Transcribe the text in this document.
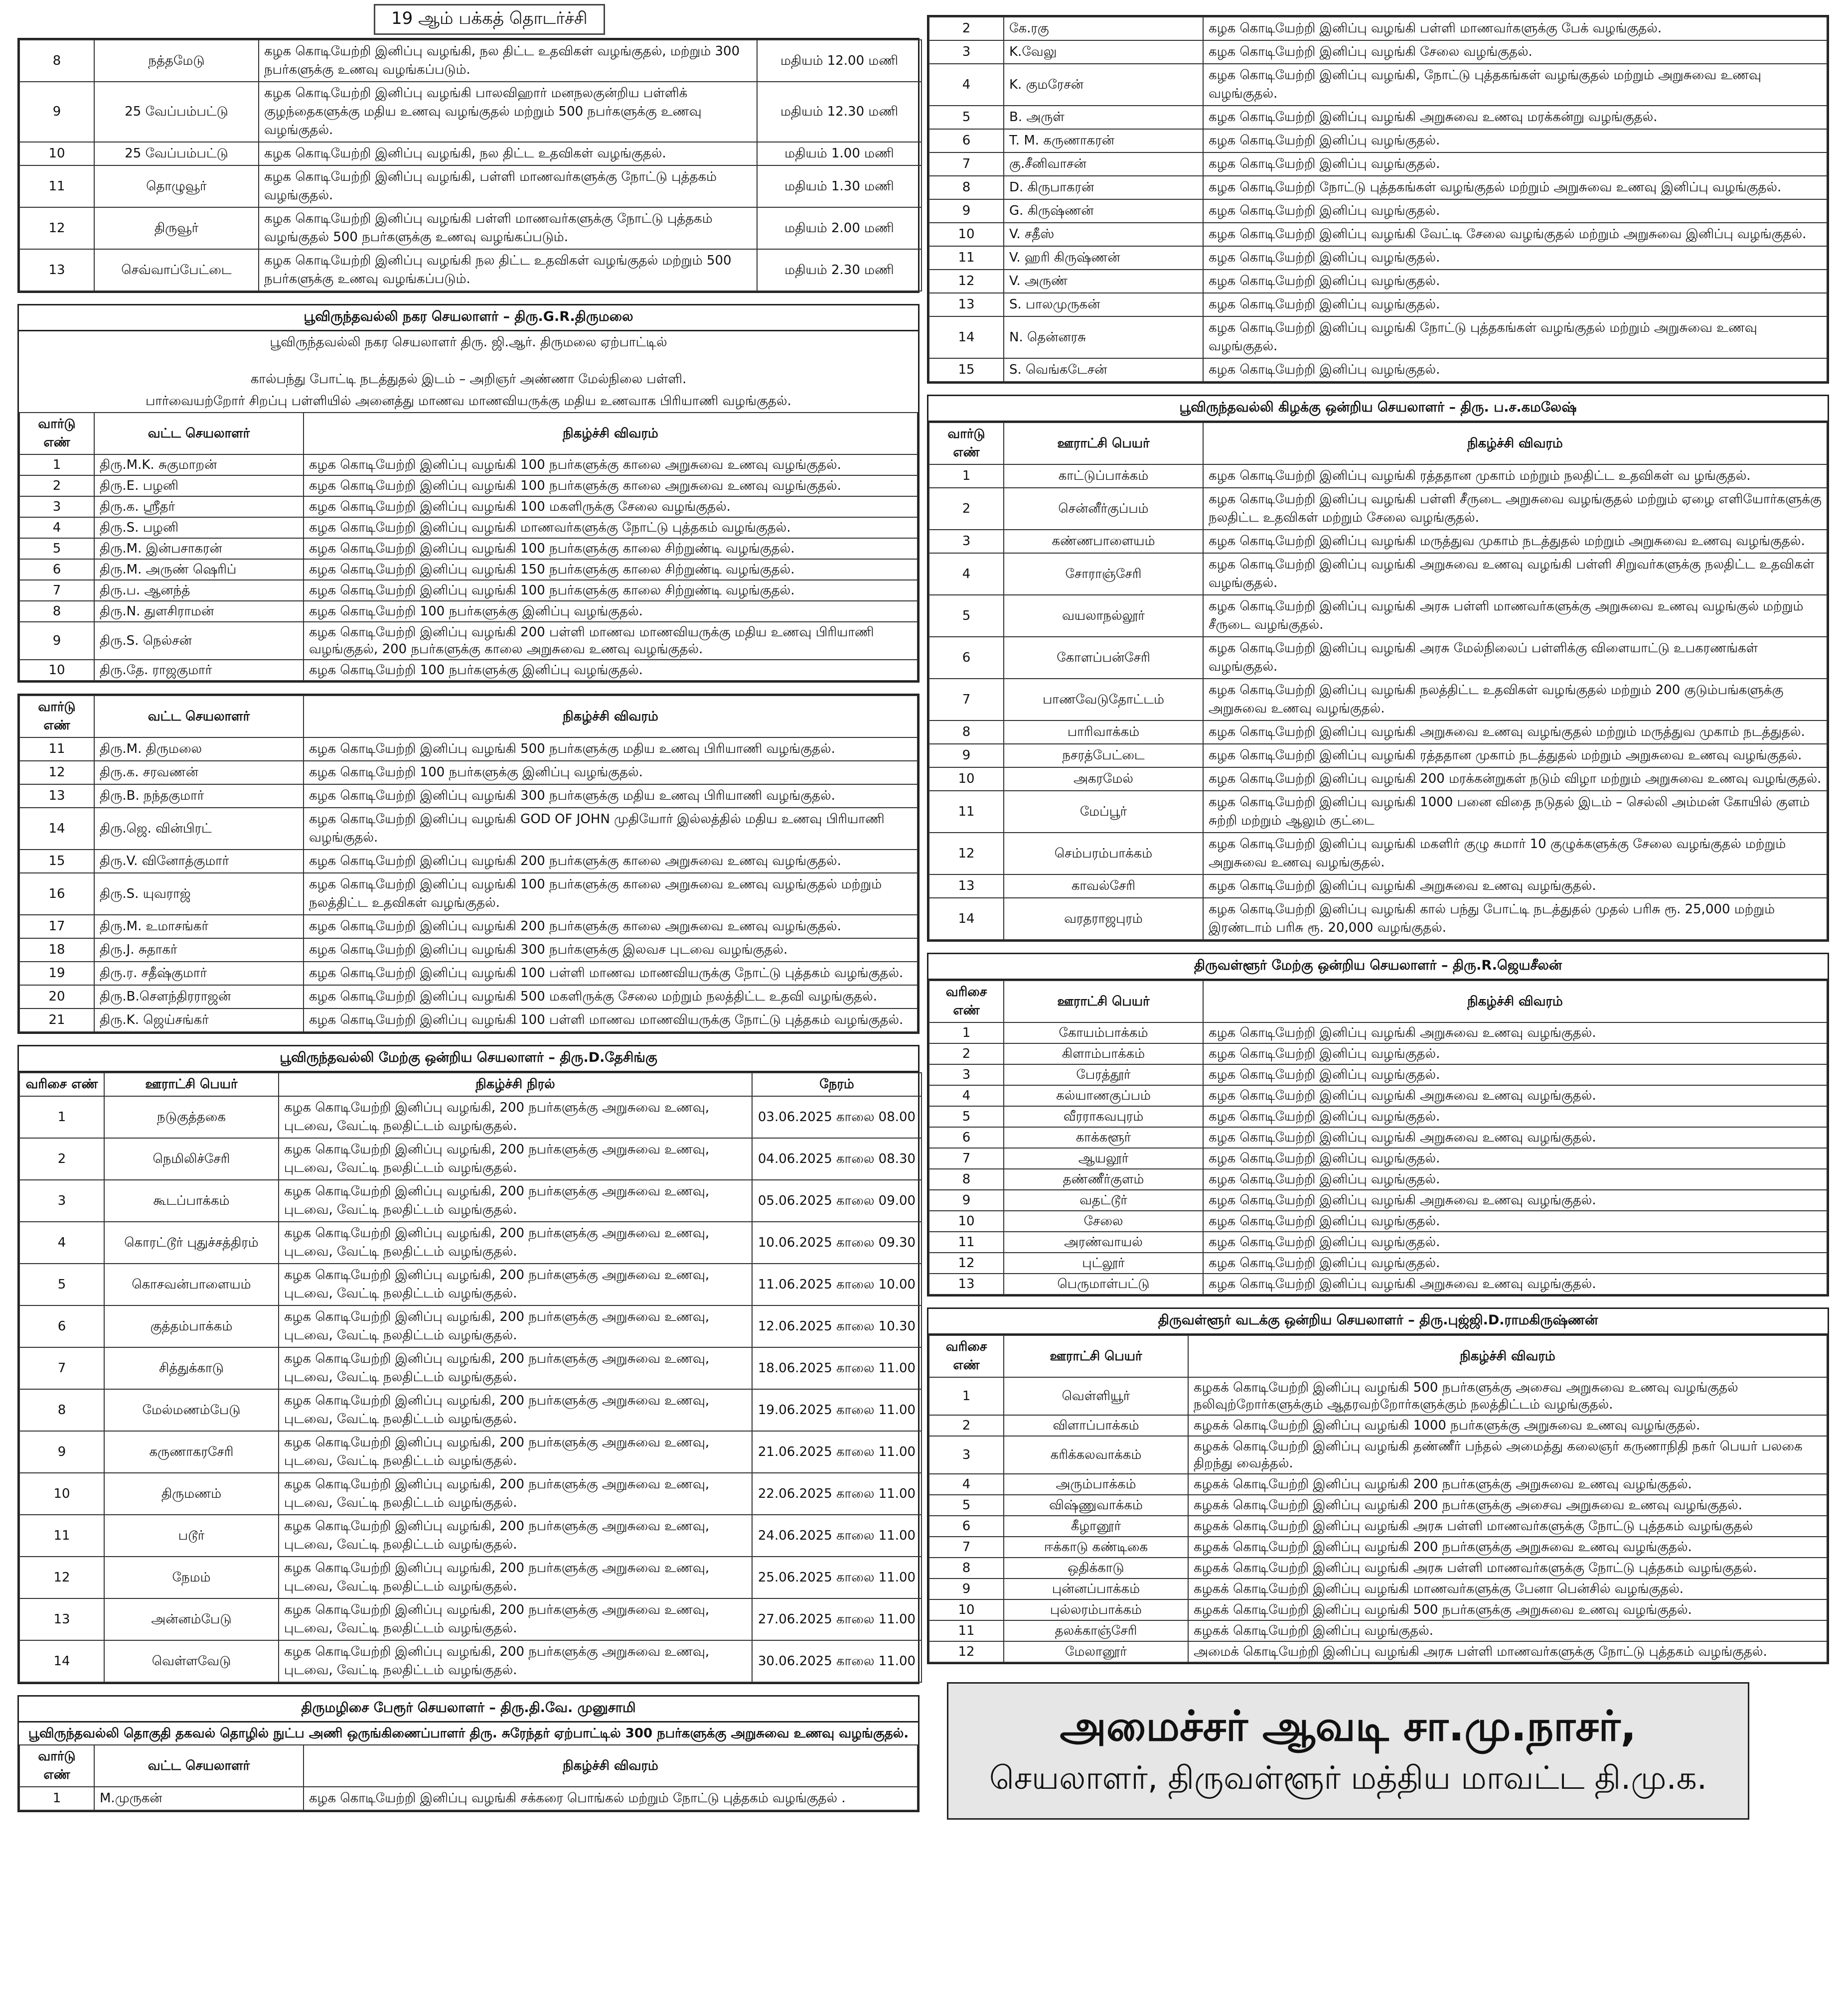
19 ஆம் பக்கத் தொடர்ச்சி
8	நத்தமேடு	கழக கொடியேற்றி இனிப்பு வழங்கி, நல திட்ட உதவிகள் வழங்குதல், மற்றும் 300 நபர்களுக்கு உணவு வழங்கப்படும்.	மதியம் 12.00 மணி
9	25 வேப்பம்பட்டு	கழக கொடியேற்றி இனிப்பு வழங்கி பாலவிஹார் மனநலகுன்றிய பள்ளிக் குழந்தைகளுக்கு மதிய உணவு வழங்குதல் மற்றும் 500 நபர்களுக்கு உணவு வழங்குதல்.	மதியம் 12.30 மணி
10	25 வேப்பம்பட்டு	கழக கொடியேற்றி இனிப்பு வழங்கி, நல திட்ட உதவிகள் வழங்குதல்.	மதியம் 1.00 மணி
11	தொழுவூர்	கழக கொடியேற்றி இனிப்பு வழங்கி, பள்ளி மாணவர்களுக்கு நோட்டு புத்தகம் வழங்குதல்.	மதியம் 1.30 மணி
12	திருவூர்	கழக கொடியேற்றி இனிப்பு வழங்கி பள்ளி மாணவர்களுக்கு நோட்டு புத்தகம் வழங்குதல் 500 நபர்களுக்கு உணவு வழங்கப்படும்.	மதியம் 2.00 மணி
13	செவ்வாப்பேட்டை	கழக கொடியேற்றி இனிப்பு வழங்கி நல திட்ட உதவிகள் வழங்குதல் மற்றும் 500 நபர்களுக்கு உணவு வழங்கப்படும்.	மதியம் 2.30 மணி
பூவிருந்தவல்லி நகர செயலாளர் – திரு.G.R.திருமலை
பூவிருந்தவல்லி நகர செயலாளர் திரு. ஜி.ஆர். திருமலை ஏற்பாட்டில்
கால்பந்து போட்டி நடத்துதல் இடம் – அறிஞர் அண்ணா மேல்நிலை பள்ளி.
பார்வையற்றோர் சிறப்பு பள்ளியில் அனைத்து மாணவ மாணவியருக்கு மதிய உணவாக பிரியாணி வழங்குதல்.
வார்டு எண்	வட்ட செயலாளர்	நிகழ்ச்சி விவரம்
1	திரு.M.K. சுகுமாறன்	கழக கொடியேற்றி இனிப்பு வழங்கி 100 நபர்களுக்கு காலை அறுசுவை உணவு வழங்குதல்.
2	திரு.E. பழனி	கழக கொடியேற்றி இனிப்பு வழங்கி 100 நபர்களுக்கு காலை அறுசுவை உணவு வழங்குதல்.
3	திரு.க. ஸ்ரீதர்	கழக கொடியேற்றி இனிப்பு வழங்கி 100 மகளிருக்கு சேலை வழங்குதல்.
4	திரு.S. பழனி	கழக கொடியேற்றி இனிப்பு வழங்கி மாணவர்களுக்கு நோட்டு புத்தகம் வழங்குதல்.
5	திரு.M. இன்பசாகரன்	கழக கொடியேற்றி இனிப்பு வழங்கி 100 நபர்களுக்கு காலை சிற்றுண்டி வழங்குதல்.
6	திரு.M. அருண் ஷெரிப்	கழக கொடியேற்றி இனிப்பு வழங்கி 150 நபர்களுக்கு காலை சிற்றுண்டி வழங்குதல்.
7	திரு.ப. ஆனந்த்	கழக கொடியேற்றி இனிப்பு வழங்கி 100 நபர்களுக்கு காலை சிற்றுண்டி வழங்குதல்.
8	திரு.N. துளசிராமன்	கழக கொடியேற்றி 100 நபர்களுக்கு இனிப்பு வழங்குதல்.
9	திரு.S. நெல்சன்	கழக கொடியேற்றி இனிப்பு வழங்கி 200 பள்ளி மாணவ மாணவியருக்கு மதிய உணவு பிரியாணி வழங்குதல், 200 நபர்களுக்கு காலை அறுசுவை உணவு வழங்குதல்.
10	திரு.தே. ராஜகுமார்	கழக கொடியேற்றி 100 நபர்களுக்கு இனிப்பு வழங்குதல்.
வார்டு எண்	வட்ட செயலாளர்	நிகழ்ச்சி விவரம்
11	திரு.M. திருமலை	கழக கொடியேற்றி இனிப்பு வழங்கி 500 நபர்களுக்கு மதிய உணவு பிரியாணி வழங்குதல்.
12	திரு.க. சரவணன்	கழக கொடியேற்றி 100 நபர்களுக்கு இனிப்பு வழங்குதல்.
13	திரு.B. நந்தகுமார்	கழக கொடியேற்றி இனிப்பு வழங்கி 300 நபர்களுக்கு மதிய உணவு பிரியாணி வழங்குதல்.
14	திரு.ஜெ. வின்பிரட்	கழக கொடியேற்றி இனிப்பு வழங்கி GOD OF JOHN முதியோர் இல்லத்தில் மதிய உணவு பிரியாணி வழங்குதல்.
15	திரு.V. வினோத்குமார்	கழக கொடியேற்றி இனிப்பு வழங்கி 200 நபர்களுக்கு காலை அறுசுவை உணவு வழங்குதல்.
16	திரு.S. யுவராஜ்	கழக கொடியேற்றி இனிப்பு வழங்கி 100 நபர்களுக்கு காலை அறுசுவை உணவு வழங்குதல் மற்றும் நலத்திட்ட உதவிகள் வழங்குதல்.
17	திரு.M. உமாசங்கர்	கழக கொடியேற்றி இனிப்பு வழங்கி 200 நபர்களுக்கு காலை அறுசுவை உணவு வழங்குதல்.
18	திரு.J. சுதாகர்	கழக கொடியேற்றி இனிப்பு வழங்கி 300 நபர்களுக்கு இலவச புடவை வழங்குதல்.
19	திரு.ர. சதீஷ்குமார்	கழக கொடியேற்றி இனிப்பு வழங்கி 100 பள்ளி மாணவ மாணவியருக்கு நோட்டு புத்தகம் வழங்குதல்.
20	திரு.B.சௌந்திரராஜன்	கழக கொடியேற்றி இனிப்பு வழங்கி 500 மகளிருக்கு சேலை மற்றும் நலத்திட்ட உதவி வழங்குதல்.
21	திரு.K. ஜெய்சங்கர்	கழக கொடியேற்றி இனிப்பு வழங்கி 100 பள்ளி மாணவ மாணவியருக்கு நோட்டு புத்தகம் வழங்குதல்.
பூவிருந்தவல்லி மேற்கு ஒன்றிய செயலாளர் – திரு.D.தேசிங்கு
வரிசை எண்	ஊராட்சி பெயர்	நிகழ்ச்சி நிரல்	நேரம்
1	நடுகுத்தகை	கழக கொடியேற்றி இனிப்பு வழங்கி, 200 நபர்களுக்கு அறுசுவை உணவு, புடவை, வேட்டி நலதிட்டம் வழங்குதல்.	03.06.2025 காலை 08.00
2	நெமிலிச்சேரி	கழக கொடியேற்றி இனிப்பு வழங்கி, 200 நபர்களுக்கு அறுசுவை உணவு, புடவை, வேட்டி நலதிட்டம் வழங்குதல்.	04.06.2025 காலை 08.30
3	கூடப்பாக்கம்	கழக கொடியேற்றி இனிப்பு வழங்கி, 200 நபர்களுக்கு அறுசுவை உணவு, புடவை, வேட்டி நலதிட்டம் வழங்குதல்.	05.06.2025 காலை 09.00
4	கொரட்டூர் புதுச்சத்திரம்	கழக கொடியேற்றி இனிப்பு வழங்கி, 200 நபர்களுக்கு அறுசுவை உணவு, புடவை, வேட்டி நலதிட்டம் வழங்குதல்.	10.06.2025 காலை 09.30
5	கொசவன்பாளையம்	கழக கொடியேற்றி இனிப்பு வழங்கி, 200 நபர்களுக்கு அறுசுவை உணவு, புடவை, வேட்டி நலதிட்டம் வழங்குதல்.	11.06.2025 காலை 10.00
6	குத்தம்பாக்கம்	கழக கொடியேற்றி இனிப்பு வழங்கி, 200 நபர்களுக்கு அறுசுவை உணவு, புடவை, வேட்டி நலதிட்டம் வழங்குதல்.	12.06.2025 காலை 10.30
7	சித்துக்காடு	கழக கொடியேற்றி இனிப்பு வழங்கி, 200 நபர்களுக்கு அறுசுவை உணவு, புடவை, வேட்டி நலதிட்டம் வழங்குதல்.	18.06.2025 காலை 11.00
8	மேல்மணம்பேடு	கழக கொடியேற்றி இனிப்பு வழங்கி, 200 நபர்களுக்கு அறுசுவை உணவு, புடவை, வேட்டி நலதிட்டம் வழங்குதல்.	19.06.2025 காலை 11.00
9	கருணாகரசேரி	கழக கொடியேற்றி இனிப்பு வழங்கி, 200 நபர்களுக்கு அறுசுவை உணவு, புடவை, வேட்டி நலதிட்டம் வழங்குதல்.	21.06.2025 காலை 11.00
10	திருமணம்	கழக கொடியேற்றி இனிப்பு வழங்கி, 200 நபர்களுக்கு அறுசுவை உணவு, புடவை, வேட்டி நலதிட்டம் வழங்குதல்.	22.06.2025 காலை 11.00
11	படூர்	கழக கொடியேற்றி இனிப்பு வழங்கி, 200 நபர்களுக்கு அறுசுவை உணவு, புடவை, வேட்டி நலதிட்டம் வழங்குதல்.	24.06.2025 காலை 11.00
12	நேமம்	கழக கொடியேற்றி இனிப்பு வழங்கி, 200 நபர்களுக்கு அறுசுவை உணவு, புடவை, வேட்டி நலதிட்டம் வழங்குதல்.	25.06.2025 காலை 11.00
13	அன்னம்பேடு	கழக கொடியேற்றி இனிப்பு வழங்கி, 200 நபர்களுக்கு அறுசுவை உணவு, புடவை, வேட்டி நலதிட்டம் வழங்குதல்.	27.06.2025 காலை 11.00
14	வெள்ளவேடு	கழக கொடியேற்றி இனிப்பு வழங்கி, 200 நபர்களுக்கு அறுசுவை உணவு, புடவை, வேட்டி நலதிட்டம் வழங்குதல்.	30.06.2025 காலை 11.00
திருமழிசை பேரூர் செயலாளர் – திரு.தி.வே. முனுசாமி
பூவிருந்தவல்லி தொகுதி தகவல் தொழில் நுட்ப அணி ஒருங்கிணைப்பாளர் திரு. சுரேந்தர் ஏற்பாட்டில் 300 நபர்களுக்கு அறுசுவை உணவு வழங்குதல்.
வார்டு எண்	வட்ட செயலாளர்	நிகழ்ச்சி விவரம்
1	M.முருகன்	கழக கொடியேற்றி இனிப்பு வழங்கி சக்கரை பொங்கல் மற்றும் நோட்டு புத்தகம் வழங்குதல் .
2	கே.ரகு	கழக கொடியேற்றி இனிப்பு வழங்கி பள்ளி மாணவர்களுக்கு பேக் வழங்குதல்.
3	K.வேலு	கழக கொடியேற்றி இனிப்பு வழங்கி சேலை வழங்குதல்.
4	K. குமரேசன்	கழக கொடியேற்றி இனிப்பு வழங்கி, நோட்டு புத்தகங்கள் வழங்குதல் மற்றும் அறுசுவை உணவு வழங்குதல்.
5	B. அருள்	கழக கொடியேற்றி இனிப்பு வழங்கி அறுசுவை உணவு மரக்கன்று வழங்குதல்.
6	T. M. கருணாகரன்	கழக கொடியேற்றி இனிப்பு வழங்குதல்.
7	கு.சீனிவாசன்	கழக கொடியேற்றி இனிப்பு வழங்குதல்.
8	D. கிருபாகரன்	கழக கொடியேற்றி நோட்டு புத்தகங்கள் வழங்குதல் மற்றும் அறுசுவை உணவு இனிப்பு வழங்குதல்.
9	G. கிருஷ்ணன்	கழக கொடியேற்றி இனிப்பு வழங்குதல்.
10	V. சதீஸ்	கழக கொடியேற்றி இனிப்பு வழங்கி வேட்டி சேலை வழங்குதல் மற்றும் அறுசுவை இனிப்பு வழங்குதல்.
11	V. ஹரி கிருஷ்ணன்	கழக கொடியேற்றி இனிப்பு வழங்குதல்.
12	V. அருண்	கழக கொடியேற்றி இனிப்பு வழங்குதல்.
13	S. பாலமுருகன்	கழக கொடியேற்றி இனிப்பு வழங்குதல்.
14	N. தென்னரசு	கழக கொடியேற்றி இனிப்பு வழங்கி நோட்டு புத்தகங்கள் வழங்குதல் மற்றும் அறுசுவை உணவு வழங்குதல்.
15	S. வெங்கடேசன்	கழக கொடியேற்றி இனிப்பு வழங்குதல்.
பூவிருந்தவல்லி கிழக்கு ஒன்றிய செயலாளர் – திரு. ப.ச.கமலேஷ்
வார்டு எண்	ஊராட்சி பெயர்	நிகழ்ச்சி விவரம்
1	காட்டுப்பாக்கம்	கழக கொடியேற்றி இனிப்பு வழங்கி ரத்ததான முகாம் மற்றும் நலதிட்ட உதவிகள் வ ழங்குதல்.
2	சென்னீர்குப்பம்	கழக கொடியேற்றி இனிப்பு வழங்கி பள்ளி சீருடை அறுசுவை வழங்குதல் மற்றும் ஏழை எளியோர்களுக்கு நலதிட்ட உதவிகள் மற்றும் சேலை வழங்குதல்.
3	கண்ணபாளையம்	கழக கொடியேற்றி இனிப்பு வழங்கி மருத்துவ முகாம் நடத்துதல் மற்றும் அறுசுவை உணவு வழங்குதல்.
4	சோராஞ்சேரி	கழக கொடியேற்றி இனிப்பு வழங்கி அறுசுவை உணவு வழங்கி பள்ளி சிறுவர்களுக்கு நலதிட்ட உதவிகள் வழங்குதல்.
5	வயலாநல்லூர்	கழக கொடியேற்றி இனிப்பு வழங்கி அரசு பள்ளி மாணவர்களுக்கு அறுசுவை உணவு வழங்குல் மற்றும் சீருடை வழங்குதல்.
6	கோளப்பன்சேரி	கழக கொடியேற்றி இனிப்பு வழங்கி அரசு மேல்நிலைப் பள்ளிக்கு விளையாட்டு உபகரணங்கள் வழங்குதல்.
7	பாணவேடுதோட்டம்	கழக கொடியேற்றி இனிப்பு வழங்கி நலத்திட்ட உதவிகள் வழங்குதல் மற்றும் 200 குடும்பங்களுக்கு அறுசுவை உணவு வழங்குதல்.
8	பாரிவாக்கம்	கழக கொடியேற்றி இனிப்பு வழங்கி அறுசுவை உணவு வழங்குதல் மற்றும் மருத்துவ முகாம் நடத்துதல்.
9	நசரத்பேட்டை	கழக கொடியேற்றி இனிப்பு வழங்கி ரத்ததான முகாம் நடத்துதல் மற்றும் அறுசுவை உணவு வழங்குதல்.
10	அகரமேல்	கழக கொடியேற்றி இனிப்பு வழங்கி 200 மரக்கன்றுகள் நடும் விழா மற்றும் அறுசுவை உணவு வழங்குதல்.
11	மேப்பூர்	கழக கொடியேற்றி இனிப்பு வழங்கி 1000 பனை விதை நடுதல் இடம் – செல்லி அம்மன் கோயில் குளம் சுற்றி மற்றும் ஆலும் குட்டை
12	செம்பரம்பாக்கம்	கழக கொடியேற்றி இனிப்பு வழங்கி மகளிர் குழு சுமார் 10 குழுக்களுக்கு சேலை வழங்குதல் மற்றும் அறுசுவை உணவு வழங்குதல்.
13	காவல்சேரி	கழக கொடியேற்றி இனிப்பு வழங்கி அறுசுவை உணவு வழங்குதல்.
14	வரதராஜபுரம்	கழக கொடியேற்றி இனிப்பு வழங்கி கால் பந்து போட்டி நடத்துதல் முதல் பரிசு ரூ. 25,000 மற்றும் இரண்டாம் பரிசு ரூ. 20,000 வழங்குதல்.
திருவள்ளூர் மேற்கு ஒன்றிய செயலாளர் – திரு.R.ஜெயசீலன்
வரிசை எண்	ஊராட்சி பெயர்	நிகழ்ச்சி விவரம்
1	கோயம்பாக்கம்	கழக கொடியேற்றி இனிப்பு வழங்கி அறுசுவை உணவு வழங்குதல்.
2	கிளாம்பாக்கம்	கழக கொடியேற்றி இனிப்பு வழங்குதல்.
3	பேரத்தூர்	கழக கொடியேற்றி இனிப்பு வழங்குதல்.
4	கல்யாணகுப்பம்	கழக கொடியேற்றி இனிப்பு வழங்கி அறுசுவை உணவு வழங்குதல்.
5	வீரராகவபுரம்	கழக கொடியேற்றி இனிப்பு வழங்குதல்.
6	காக்களூர்	கழக கொடியேற்றி இனிப்பு வழங்கி அறுசுவை உணவு வழங்குதல்.
7	ஆயலூர்	கழக கொடியேற்றி இனிப்பு வழங்குதல்.
8	தண்ணீர்குளம்	கழக கொடியேற்றி இனிப்பு வழங்குதல்.
9	வதட்டூர்	கழக கொடியேற்றி இனிப்பு வழங்கி அறுசுவை உணவு வழங்குதல்.
10	சேலை	கழக கொடியேற்றி இனிப்பு வழங்குதல்.
11	அரண்வாயல்	கழக கொடியேற்றி இனிப்பு வழங்குதல்.
12	புட்லூர்	கழக கொடியேற்றி இனிப்பு வழங்குதல்.
13	பெருமாள்பட்டு	கழக கொடியேற்றி இனிப்பு வழங்கி அறுசுவை உணவு வழங்குதல்.
திருவள்ளூர் வடக்கு ஒன்றிய செயலாளர் – திரு.புஜ்ஜி.D.ராமகிருஷ்ணன்
வரிசை எண்	ஊராட்சி பெயர்	நிகழ்ச்சி விவரம்
1	வெள்ளியூர்	கழகக் கொடியேற்றி இனிப்பு வழங்கி 500 நபர்களுக்கு அசைவ அறுசுவை உணவு வழங்குதல் நலிவுற்றோர்களுக்கும் ஆதரவற்றோர்களுக்கும் நலத்திட்டம் வழங்குதல்.
2	விளாப்பாக்கம்	கழகக் கொடியேற்றி இனிப்பு வழங்கி 1000 நபர்களுக்கு அறுசுவை உணவு வழங்குதல்.
3	கரிக்கலவாக்கம்	கழகக் கொடியேற்றி இனிப்பு வழங்கி தண்ணீர் பந்தல் அமைத்து கலைஞர் கருணாநிதி நகர் பெயர் பலகை திறந்து வைத்தல்.
4	அரும்பாக்கம்	கழகக் கொடியேற்றி இனிப்பு வழங்கி 200 நபர்களுக்கு அறுசுவை உணவு வழங்குதல்.
5	விஷ்ணுவாக்கம்	கழகக் கொடியேற்றி இனிப்பு வழங்கி 200 நபர்களுக்கு அசைவ அறுசுவை உணவு வழங்குதல்.
6	கீழானூர்	கழகக் கொடியேற்றி இனிப்பு வழங்கி அரசு பள்ளி மாணவர்களுக்கு நோட்டு புத்தகம் வழங்குதல்
7	ஈக்காடு கண்டிகை	கழகக் கொடியேற்றி இனிப்பு வழங்கி 200 நபர்களுக்கு அறுசுவை உணவு வழங்குதல்.
8	ஒதிக்காடு	கழகக் கொடியேற்றி இனிப்பு வழங்கி அரசு பள்ளி மாணவர்களுக்கு நோட்டு புத்தகம் வழங்குதல்.
9	புன்னப்பாக்கம்	கழகக் கொடியேற்றி இனிப்பு வழங்கி மாணவர்களுக்கு பேனா பென்சில் வழங்குதல்.
10	புல்லரம்பாக்கம்	கழகக் கொடியேற்றி இனிப்பு வழங்கி 500 நபர்களுக்கு அறுசுவை உணவு வழங்குதல்.
11	தலக்காஞ்சேரி	கழகக் கொடியேற்றி இனிப்பு வழங்குதல்.
12	மேலானூர்	அமைக் கொடியேற்றி இனிப்பு வழங்கி அரசு பள்ளி மாணவர்களுக்கு நோட்டு புத்தகம் வழங்குதல்.
அமைச்சர் ஆவடி சா.மு.நாசர்,
செயலாளர், திருவள்ளூர் மத்திய மாவட்ட தி.மு.க.
